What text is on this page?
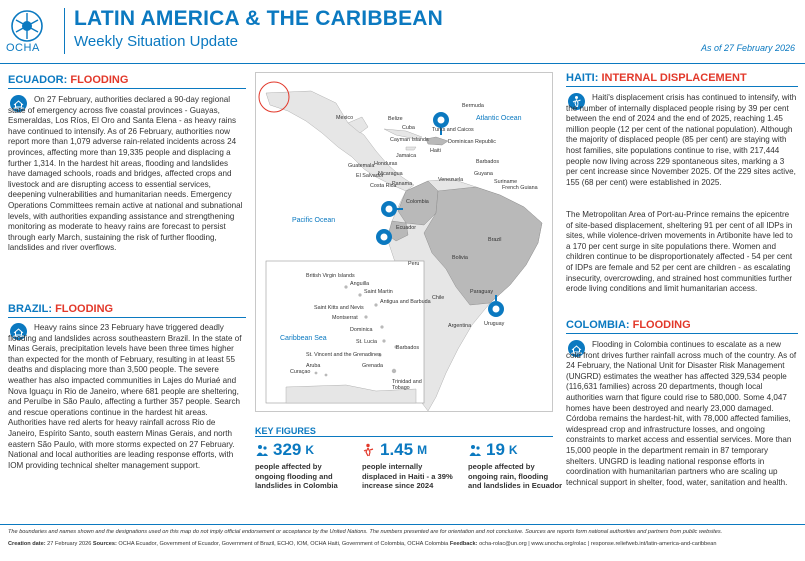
OCHA
LATIN AMERICA & THE CARIBBEAN
Weekly Situation Update	As of 27 February 2026
ECUADOR: FLOODING
On 27 February, authorities declared a 90-day regional state of emergency across five coastal provinces - Guayas, Esmeraldas, Los Ríos, El Oro and Santa Elena - as heavy rains have continued to intensify. As of 26 February, authorities now report more than 1,079 adverse rain-related incidents across 24 provinces, affecting more than 19,335 people and displacing a further 1,314. In the hardest hit areas, flooding and landslides have damaged schools, roads and bridges, affected crops and livestock and are disrupting access to essential services, deepening vulnerabilities and humanitarian needs. Emergency Operations Committees remain active at national and subnational levels, with authorities expanding assistance and strengthening monitoring as moderate to heavy rains are forecast to persist through early March, sustaining the risk of further flooding, landslides and river overflows.
BRAZIL: FLOODING
Heavy rains since 23 February have triggered deadly flooding and landslides across southeastern Brazil. In the state of Minas Gerais, precipitation levels have been three times higher than expected for the month of February, resulting in at least 55 deaths and displacing more than 3,500 people. The severe weather has also impacted communities in Lajes do Muriaé and Nova Iguaçu in Rio de Janeiro, where 681 people are sheltering, and Peruíbe in São Paulo, affecting a further 357 people. Search and rescue operations continue in the hardest hit areas. Authorities have red alerts for heavy rainfall across Rio de Janeiro, Espírito Santo, south eastern Minas Gerais, and north eastern São Paulo, with more storms expected on 27 February. National and local authorities are leading response efforts, with IOM providing technical shelter management support.
Atlantic Ocean
Pacific Ocean
Caribbean Sea
Bermuda
Mexico	Belize
Cuba	Turks and Caicos
Dominican Republic
Haiti
Cayman Islands
Jamaica
Guatemala Honduras
El Salvador
Nicaragua
Costa Rica
Panama
Venezuela
Colombia
Guyana
Suriname
French Guiana
Barbados
Ecuador
Peru
Brazil
Bolivia
Paraguay
Chile
Argentina Uruguay
British Virgin Islands
Anguilla
Saint Martin
Antigua and Barbuda
Saint Kitts and Nevis
Montserrat
Dominica
St. Lucia
Barbados
St. Vincent and the Grenadines
Grenada
Aruba
Curaçao
Trinidad and Tobago
KEY FIGURES
329 K
people affected by ongoing flooding and landslides in Colombia
1.45 M
people internally displaced in Haiti - a 39% increase since 2024
19 K
people affected by ongoing rain, flooding and landslides in Ecuador
HAITI: INTERNAL DISPLACEMENT
Haiti's displacement crisis has continued to intensify, with the number of internally displaced people rising by 39 per cent between the end of 2024 and the end of 2025, reaching 1.45 million people (12 per cent of the national population). Although the majority of displaced people (85 per cent) are staying with host families, site populations continue to rise, with 217,444 people now living across 229 spontaneous sites, marking a 3 per cent increase since November 2025. Of the 229 sites active, 155 (68 per cent) were established in 2025.
The Metropolitan Area of Port-au-Prince remains the epicentre of site-based displacement, sheltering 91 per cent of all IDPs in sites, while violence-driven movements in Artibonite have led to a 170 per cent surge in site populations there. Women and children continue to be disproportionately affected - 54 per cent of IDPs are female and 52 per cent are children - as escalating insecurity, overcrowding, and strained host communities further erode living conditions and limit humanitarian access.
COLOMBIA: FLOODING
Flooding in Colombia continues to escalate as a new cold front drives further rainfall across much of the country. As of 24 February, the National Unit for Disaster Risk Management (UNGRD) estimates the weather has affected 329,534 people (116,631 families) across 20 departments, though local authorities warn that figure could rise to 580,000. Some 4,047 homes have been destroyed and nearly 23,000 damaged. Córdoba remains the hardest-hit, with 78,000 affected families, widespread crop and infrastructure losses, and ongoing constraints to market access and essential services. More than 15,000 people in the department remain in 87 temporary shelters. UNGRD is leading national response efforts in coordination with humanitarian partners who are scaling up technical support in shelter, food, water, sanitation and health.
The boundaries and names shown and the designations used on this map do not imply official endorsement or acceptance by the United Nations. The numbers presented are for orientation and not conclusive. Sources are reports form national authorities and partners from public websites.
Creation date: 27 February 2026 Sources: OCHA Ecuador, Government of Ecuador, Government of Brazil, ECHO, IOM, OCHA Haiti, Government of Colombia, OCHA Colombia Feedback: ocha-rolac@un.org | www.unocha.org/rolac | response.reliefweb.int/latin-america-and-caribbean
